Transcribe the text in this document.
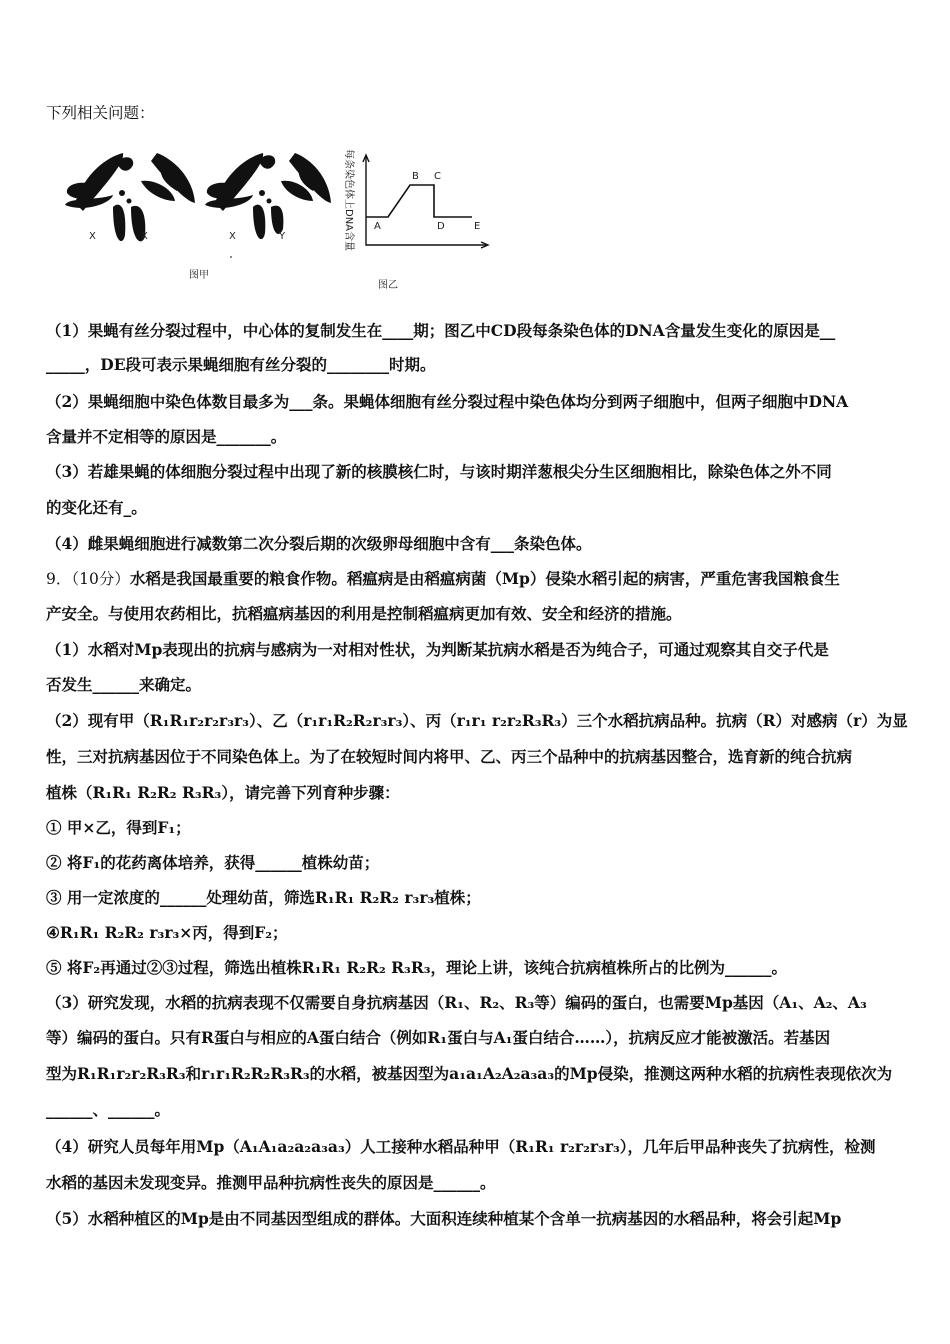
下列相关问题：
X	X	X	Y
图甲
每条染色体上DNA含量 A
B C
D	E
图乙
（1）果蝇有丝分裂过程中，中心体的复制发生在____期；图乙中CD段每条染色体的DNA含量发生变化的原因是__
_____，DE段可表示果蝇细胞有丝分裂的________时期。
（2）果蝇细胞中染色体数目最多为___条。果蝇体细胞有丝分裂过程中染色体均分到两子细胞中，但两子细胞中DNA
含量并不定相等的原因是_______。
（3）若雄果蝇的体细胞分裂过程中出现了新的核膜核仁时，与该时期洋葱根尖分生区细胞相比，除染色体之外不同
的变化还有_。
（4）雌果蝇细胞进行减数第二次分裂后期的次级卵母细胞中含有___条染色体。
9．（10分）水稻是我国最重要的粮食作物。稻瘟病是由稻瘟病菌（Mp）侵染水稻引起的病害，严重危害我国粮食生
产安全。与使用农药相比，抗稻瘟病基因的利用是控制稻瘟病更加有效、安全和经济的措施。
（1）水稻对Mp表现出的抗病与感病为一对相对性状，为判断某抗病水稻是否为纯合子，可通过观察其自交子代是
否发生______来确定。
（2）现有甲（R₁R₁r₂r₂r₃r₃）、乙（r₁r₁R₂R₂r₃r₃）、丙（r₁r₁ r₂r₂R₃R₃）三个水稻抗病品种。抗病（R）对感病（r）为显
性，三对抗病基因位于不同染色体上。为了在较短时间内将甲、乙、丙三个品种中的抗病基因整合，选育新的纯合抗病
植株（R₁R₁ R₂R₂ R₃R₃），请完善下列育种步骤：
① 甲×乙，得到F₁；
② 将F₁的花药离体培养，获得______植株幼苗；
③ 用一定浓度的______处理幼苗，筛选R₁R₁ R₂R₂ r₃r₃植株；
④R₁R₁ R₂R₂ r₃r₃×丙，得到F₂；
⑤ 将F₂再通过②③过程，筛选出植株R₁R₁ R₂R₂ R₃R₃，理论上讲，该纯合抗病植株所占的比例为______。
（3）研究发现，水稻的抗病表现不仅需要自身抗病基因（R₁、R₂、R₃等）编码的蛋白，也需要Mp基因（A₁、A₂、A₃
等）编码的蛋白。只有R蛋白与相应的A蛋白结合（例如R₁蛋白与A₁蛋白结合……），抗病反应才能被激活。若基因
型为R₁R₁r₂r₂R₃R₃和r₁r₁R₂R₂R₃R₃的水稻，被基因型为a₁a₁A₂A₂a₃a₃的Mp侵染，推测这两种水稻的抗病性表现依次为
______、______。
（4）研究人员每年用Mp（A₁A₁a₂a₂a₃a₃）人工接种水稻品种甲（R₁R₁ r₂r₂r₃r₃），几年后甲品种丧失了抗病性，检测
水稻的基因未发现变异。推测甲品种抗病性丧失的原因是______。
（5）水稻种植区的Mp是由不同基因型组成的群体。大面积连续种植某个含单一抗病基因的水稻品种，将会引起Mp
